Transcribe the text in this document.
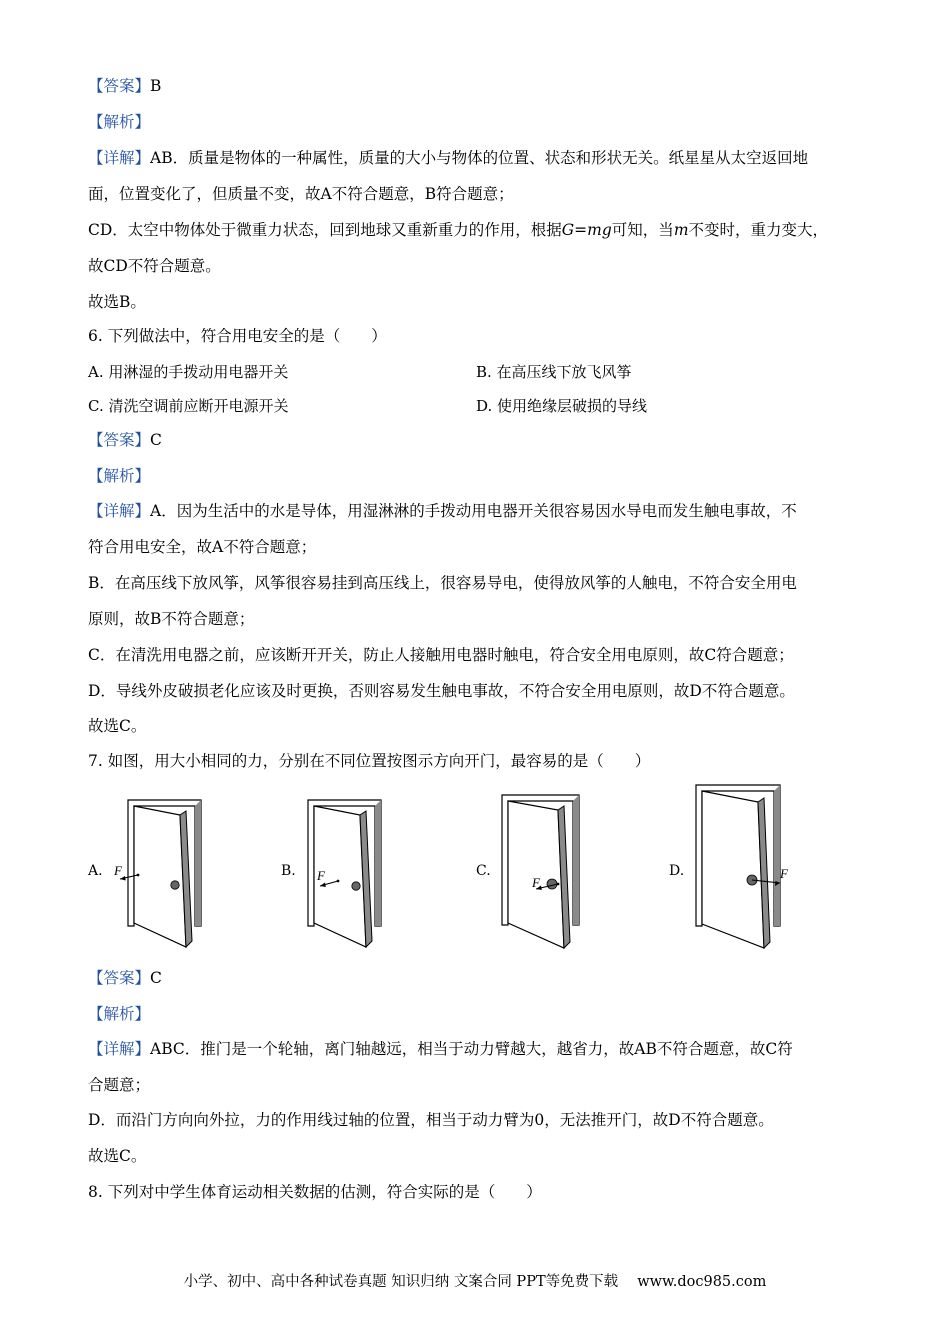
【答案】B
【解析】
【详解】AB．质量是物体的一种属性，质量的大小与物体的位置、状态和形状无关。纸星星从太空返回地
面，位置变化了，但质量不变，故A不符合题意，B符合题意；
CD．太空中物体处于微重力状态，回到地球又重新重力的作用，根据G=mg可知，当m不变时，重力变大，
故CD不符合题意。
故选B。
6. 下列做法中，符合用电安全的是（　　）
A. 用淋湿的手拨动用电器开关	B. 在高压线下放飞风筝
C. 清洗空调前应断开电源开关	D. 使用绝缘层破损的导线
【答案】C
【解析】
【详解】A．因为生活中的水是导体，用湿淋淋的手拨动用电器开关很容易因水导电而发生触电事故，不
符合用电安全，故A不符合题意；
B．在高压线下放风筝，风筝很容易挂到高压线上，很容易导电，使得放风筝的人触电，不符合安全用电
原则，故B不符合题意；
C．在清洗用电器之前，应该断开开关，防止人接触用电器时触电，符合安全用电原则，故C符合题意；
D．导线外皮破损老化应该及时更换，否则容易发生触电事故，不符合安全用电原则，故D不符合题意。
故选C。
7. 如图，用大小相同的力，分别在不同位置按图示方向开门，最容易的是（　　）
A. F	B. F	C.
F
D.	F
【答案】C
【解析】
【详解】ABC．推门是一个轮轴，离门轴越远，相当于动力臂越大，越省力，故AB不符合题意，故C符
合题意；
D．而沿门方向向外拉，力的作用线过轴的位置，相当于动力臂为0，无法推开门，故D不符合题意。
故选C。
8. 下列对中学生体育运动相关数据的估测，符合实际的是（　　）
小学、初中、高中各种试卷真题 知识归纳 文案合同 PPT等免费下载　 www.doc985.com
